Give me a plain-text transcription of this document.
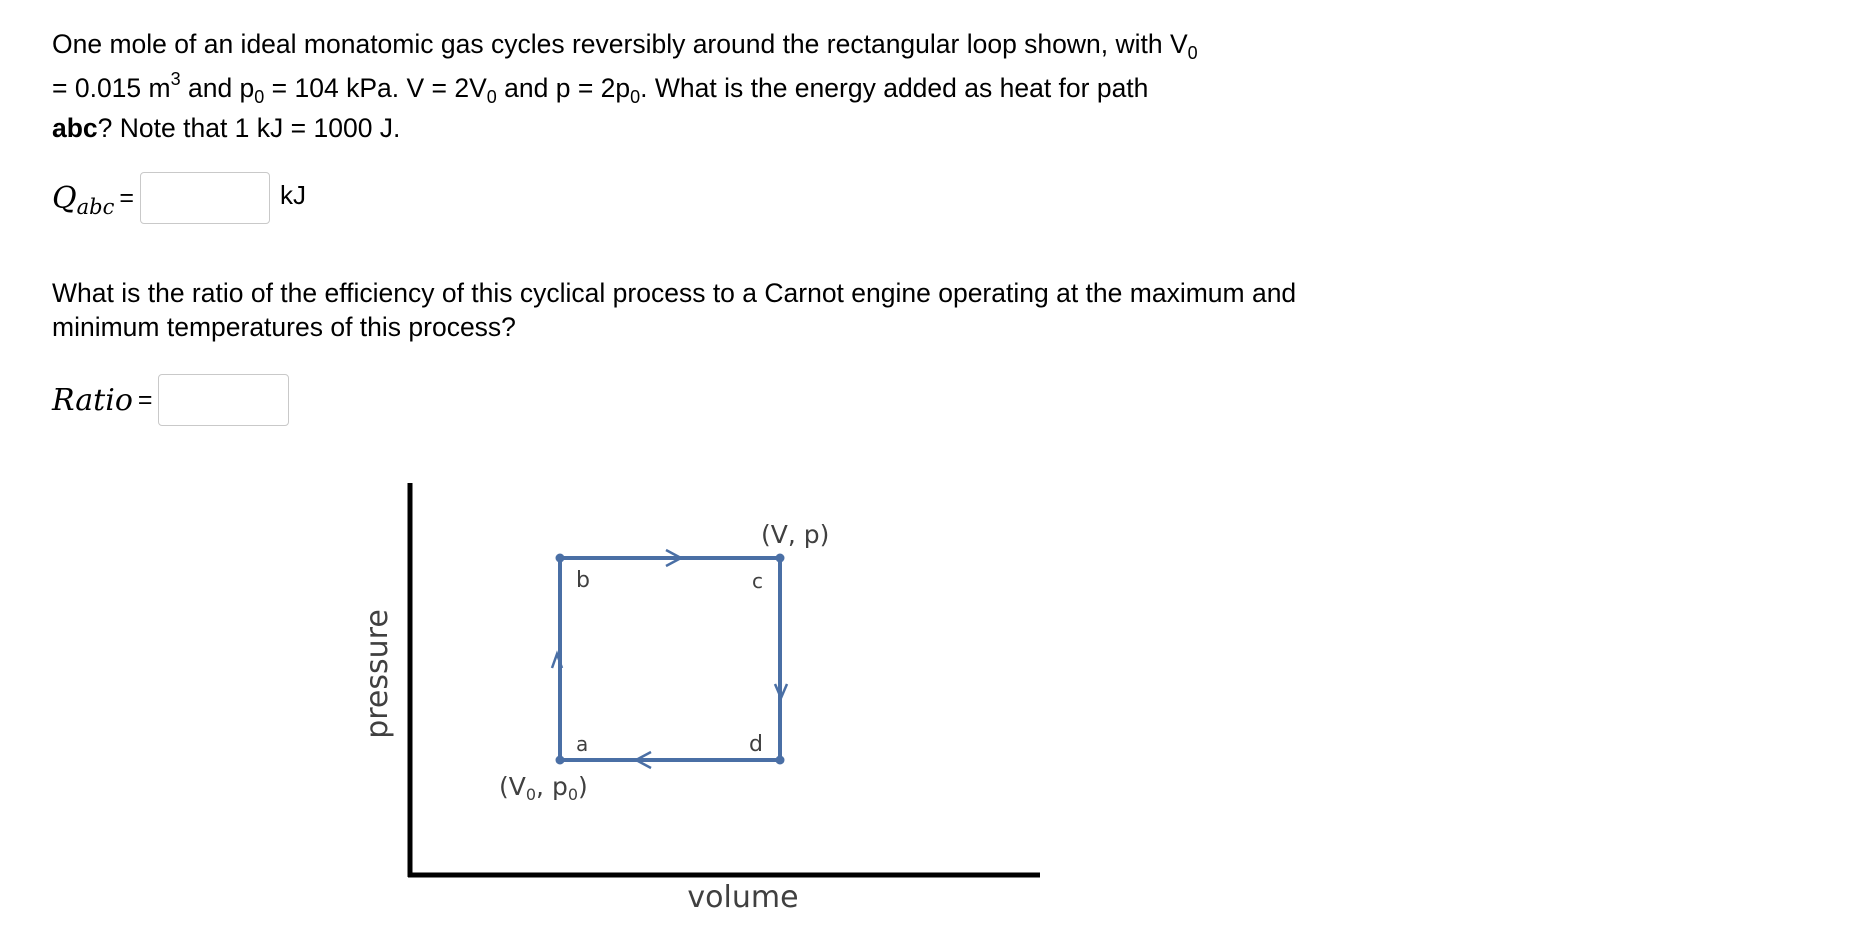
One mole of an ideal monatomic gas cycles reversibly around the rectangular loop shown, with $V_0$

= 0.015 $m^3$ and $p_0 = 104$ kPa. $V = 2V_0$ and $p = 2p_0$. What is the energy added as heat for path

abc? Note that 1 kJ = 1000 J.

Q abc =	kJ

What is the ratio of the efficiency of this cyclical process to a Carnot engine operating at the maximum and minimum temperatures of this process?

Ratio =
b	c
a	d
(V, p)
($V_0$, $p_0$)
pressure
volume
